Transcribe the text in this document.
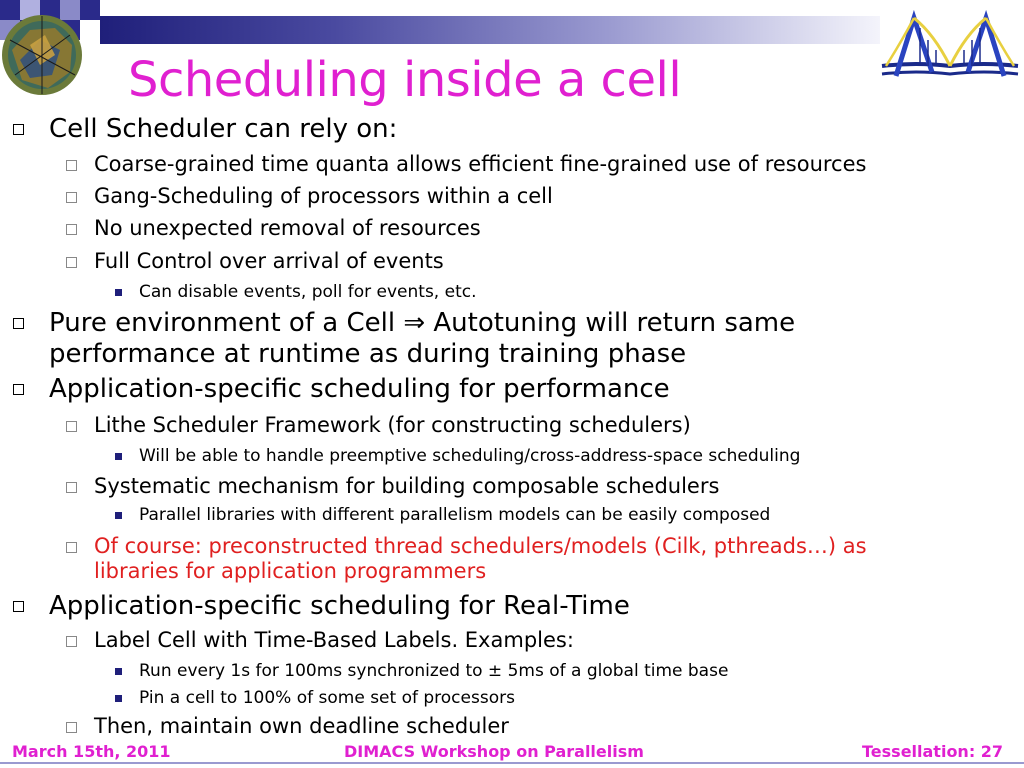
Scheduling inside a cell
Cell Scheduler can rely on:
Coarse-grained time quanta allows efficient fine-grained use of resources
Gang-Scheduling of processors within a cell
No unexpected removal of resources
Full Control over arrival of events
Can disable events, poll for events, etc.
Pure environment of a Cell ⇒ Autotuning will return same
performance at runtime as during training phase
Application-specific scheduling for performance
Lithe Scheduler Framework (for constructing schedulers)
Will be able to handle preemptive scheduling/cross-address-space scheduling
Systematic mechanism for building composable schedulers
Parallel libraries with different parallelism models can be easily composed
Of course: preconstructed thread schedulers/models (Cilk, pthreads…) as
libraries for application programmers
Application-specific scheduling for Real-Time
Label Cell with Time-Based Labels. Examples:
Run every 1s for 100ms synchronized to ± 5ms of a global time base
Pin a cell to 100% of some set of processors
Then, maintain own deadline scheduler
March 15th, 2011	DIMACS Workshop on Parallelism	Tessellation: 27
